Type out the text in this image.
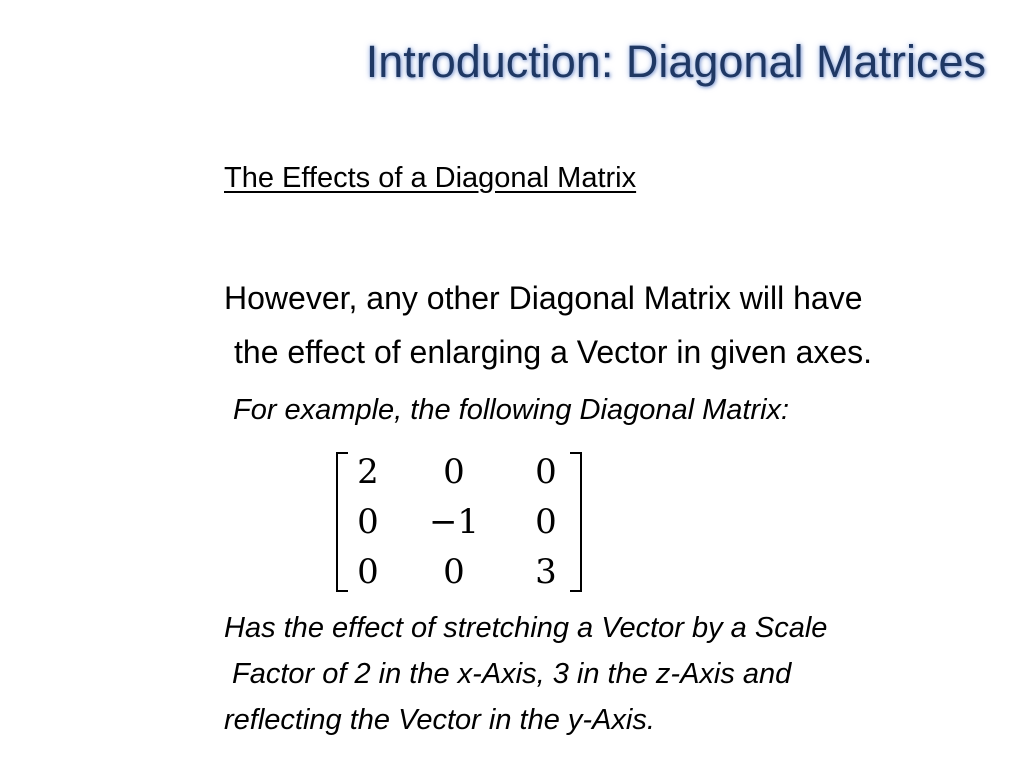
Introduction: Diagonal Matrices
The Effects of a Diagonal Matrix
However, any other Diagonal Matrix will have
the effect of enlarging a Vector in given axes.
For example, the following Diagonal Matrix:
2	0	0
0	−1	0
0	0	3
Has the effect of stretching a Vector by a Scale
Factor of 2 in the x-Axis, 3 in the z-Axis and
reflecting the Vector in the y-Axis.
